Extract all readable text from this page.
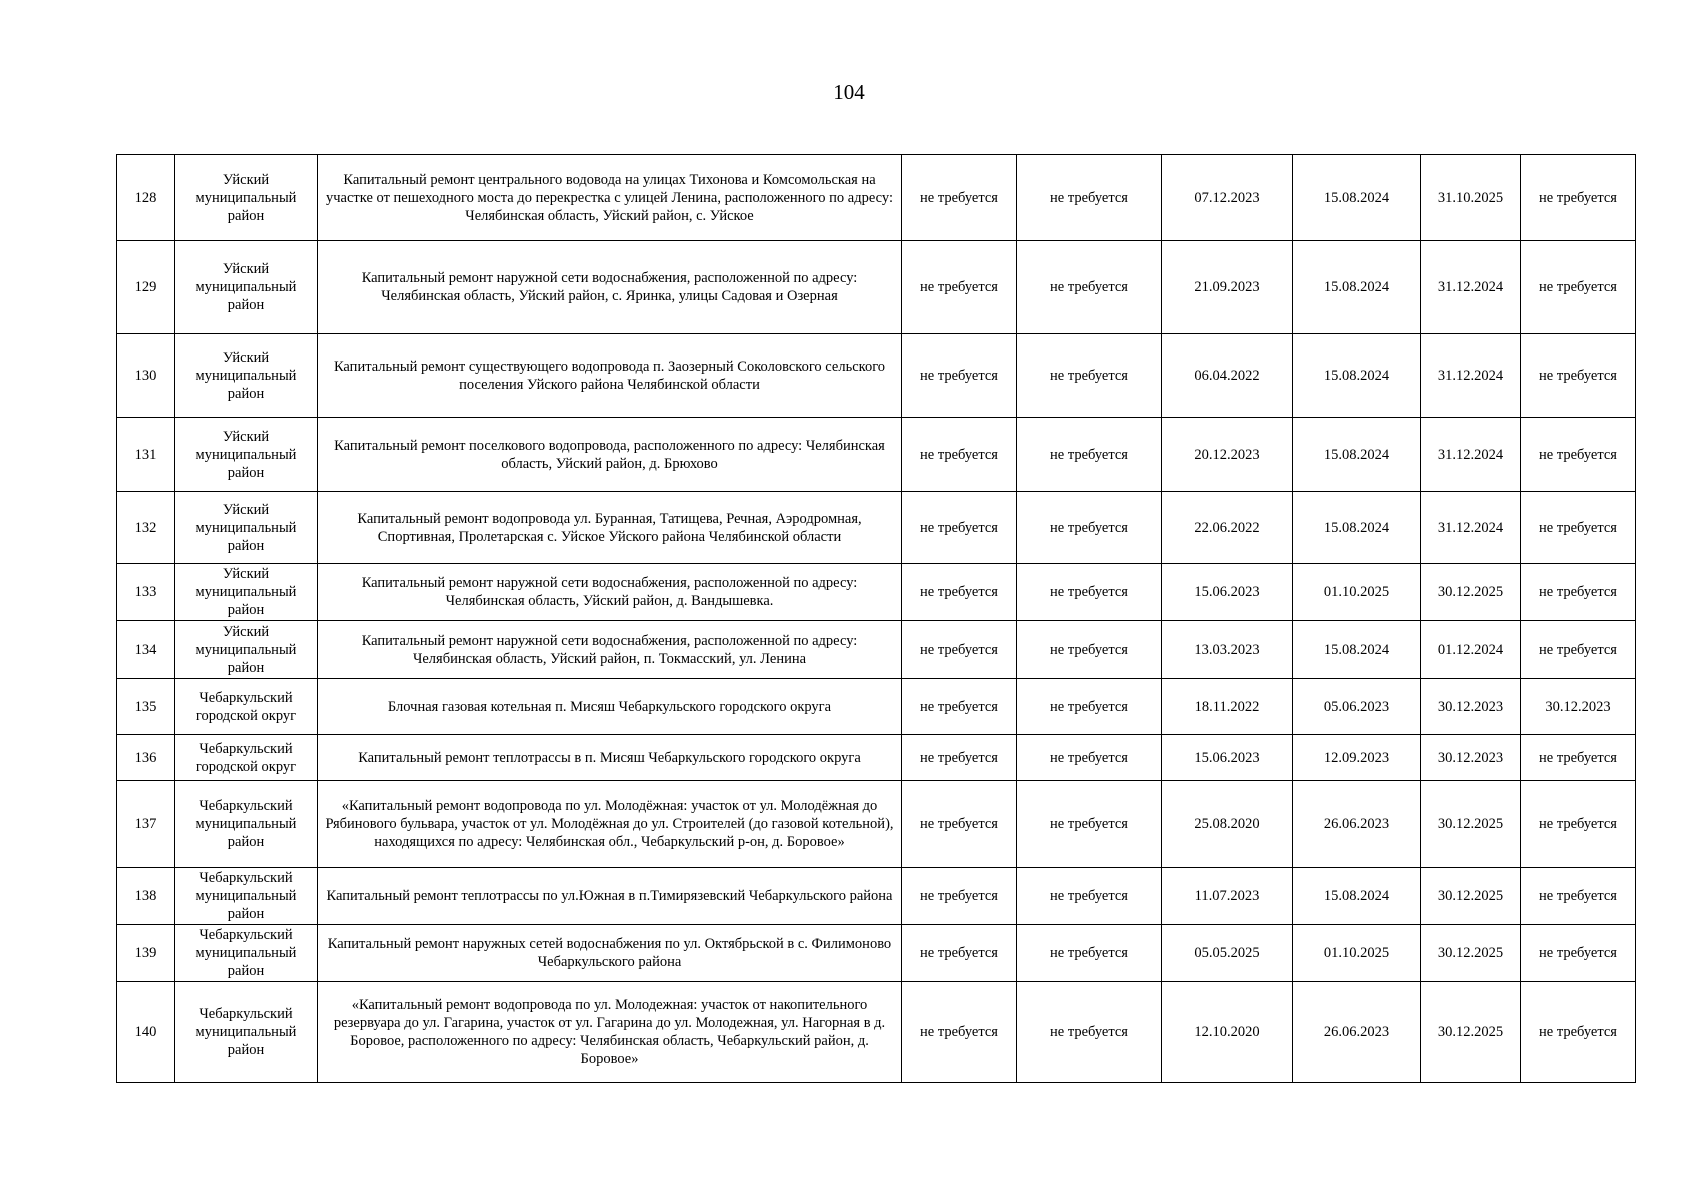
104
128	Уйский муниципальный район	Капитальный ремонт центрального водовода на улицах Тихонова и Комсомольская на участке от пешеходного моста до перекрестка с улицей Ленина, расположенного по адресу: Челябинская область, Уйский район, с. Уйское	не требуется	не требуется	07.12.2023	15.08.2024	31.10.2025	не требуется
129	Уйский муниципальный район	Капитальный ремонт наружной сети водоснабжения, расположенной по адресу: Челябинская область, Уйский район, с. Яринка, улицы Садовая и Озерная	не требуется	не требуется	21.09.2023	15.08.2024	31.12.2024	не требуется
130	Уйский муниципальный район	Капитальный ремонт существующего водопровода п. Заозерный Соколовского сельского поселения Уйского района Челябинской области	не требуется	не требуется	06.04.2022	15.08.2024	31.12.2024	не требуется
131	Уйский муниципальный район	Капитальный ремонт поселкового водопровода, расположенного по адресу: Челябинская область, Уйский район, д. Брюхово	не требуется	не требуется	20.12.2023	15.08.2024	31.12.2024	не требуется
132	Уйский муниципальный район	Капитальный ремонт водопровода ул. Буранная, Татищева, Речная, Аэродромная, Спортивная, Пролетарская с. Уйское Уйского района Челябинской области	не требуется	не требуется	22.06.2022	15.08.2024	31.12.2024	не требуется
133	Уйский муниципальный район	Капитальный ремонт наружной сети водоснабжения, расположенной по адресу: Челябинская область, Уйский район, д. Вандышевка.	не требуется	не требуется	15.06.2023	01.10.2025	30.12.2025	не требуется
134	Уйский муниципальный район	Капитальный ремонт наружной сети водоснабжения, расположенной по адресу: Челябинская область, Уйский район, п. Токмасский, ул. Ленина	не требуется	не требуется	13.03.2023	15.08.2024	01.12.2024	не требуется
135	Чебаркульский городской округ	Блочная газовая котельная п. Мисяш Чебаркульского городского округа	не требуется	не требуется	18.11.2022	05.06.2023	30.12.2023	30.12.2023
136	Чебаркульский городской округ	Капитальный ремонт теплотрассы в п. Мисяш Чебаркульского городского округа	не требуется	не требуется	15.06.2023	12.09.2023	30.12.2023	не требуется
137	Чебаркульский муниципальный район	«Капитальный ремонт водопровода по ул. Молодёжная: участок от ул. Молодёжная до Рябинового бульвара, участок от ул. Молодёжная до ул. Строителей (до газовой котельной), находящихся по адресу: Челябинская обл., Чебаркульский р-он, д. Боровое»	не требуется	не требуется	25.08.2020	26.06.2023	30.12.2025	не требуется
138	Чебаркульский муниципальный район	Капитальный ремонт теплотрассы по ул.Южная в п.Тимирязевский Чебаркульского района	не требуется	не требуется	11.07.2023	15.08.2024	30.12.2025	не требуется
139	Чебаркульский муниципальный район	Капитальный ремонт наружных сетей водоснабжения по ул. Октябрьской в с. Филимоново Чебаркульского района	не требуется	не требуется	05.05.2025	01.10.2025	30.12.2025	не требуется
140	Чебаркульский муниципальный район	«Капитальный ремонт водопровода по ул. Молодежная: участок от накопительного резервуара до ул. Гагарина, участок от ул. Гагарина до ул. Молодежная, ул. Нагорная в д. Боровое, расположенного по адресу: Челябинская область, Чебаркульский район, д. Боровое»	не требуется	не требуется	12.10.2020	26.06.2023	30.12.2025	не требуется
